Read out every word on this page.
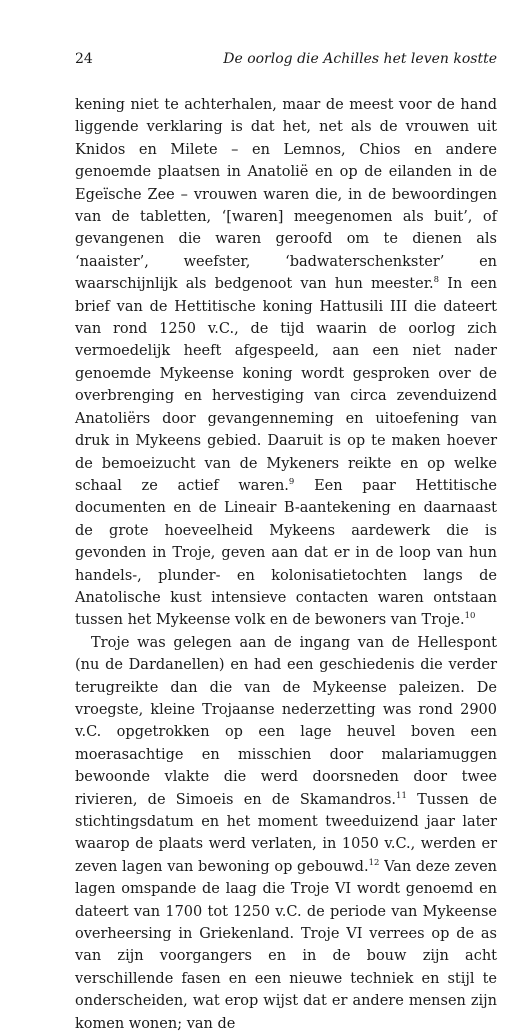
24	De oorlog die Achilles het leven kostte

kening niet te achterhalen, maar de meest voor de hand liggende verklaring is dat het, net als de vrouwen uit Knidos en Milete – en Lemnos, Chios en andere genoemde plaatsen in Anatolië en op de eilanden in de Egeïsche Zee – vrouwen waren die, in de bewoordingen van de tabletten, ‘[waren] meegenomen als buit’, of gevangenen die waren geroofd om te dienen als ‘naaister’, weefster, ‘badwaterschenkster’ en waarschijnlijk als bedgenoot van hun meester.$^8$ In een brief van de Hettitische koning Hattusili III die dateert van rond 1250 v.C., de tijd waarin de oorlog zich vermoedelijk heeft afgespeeld, aan een niet nader genoemde Mykeense koning wordt gesproken over de overbrenging en hervestiging van circa zevenduizend Anatoliërs door gevangenneming en uitoefening van druk in Mykeens gebied. Daaruit is op te maken hoever de bemoeizucht van de Mykeners reikte en op welke schaal ze actief waren.$^9$ Een paar Hettitische documenten en de Lineair B-aantekening en daarnaast de grote hoeveelheid Mykeens aardewerk die is gevonden in Troje, geven aan dat er in de loop van hun handels-, plunder- en kolonisatietochten langs de Anatolische kust intensieve contacten waren ontstaan tussen het Mykeense volk en de bewoners van Troje.$^{10}$

Troje was gelegen aan de ingang van de Hellespont (nu de Dardanellen) en had een geschiedenis die verder terugreikte dan die van de Mykeense paleizen. De vroegste, kleine Trojaanse nederzetting was rond 2900 v.C. opgetrokken op een lage heuvel boven een moerasachtige en misschien door malariamuggen bewoonde vlakte die werd doorsneden door twee rivieren, de Simoeis en de Skamandros.$^{11}$ Tussen de stichtingsdatum en het moment tweeduizend jaar later waarop de plaats werd verlaten, in 1050 v.C., werden er zeven lagen van bewoning op gebouwd.$^{12}$ Van deze zeven lagen omspande de laag die Troje VI wordt genoemd en dateert van 1700 tot 1250 v.C. de periode van Mykeense overheersing in Griekenland. Troje VI verrees op de as van zijn voorgangers en in de bouw zijn acht verschillende fasen en een nieuwe techniek en stijl te onderscheiden, wat erop wijst dat er andere mensen zijn komen wonen; van de
